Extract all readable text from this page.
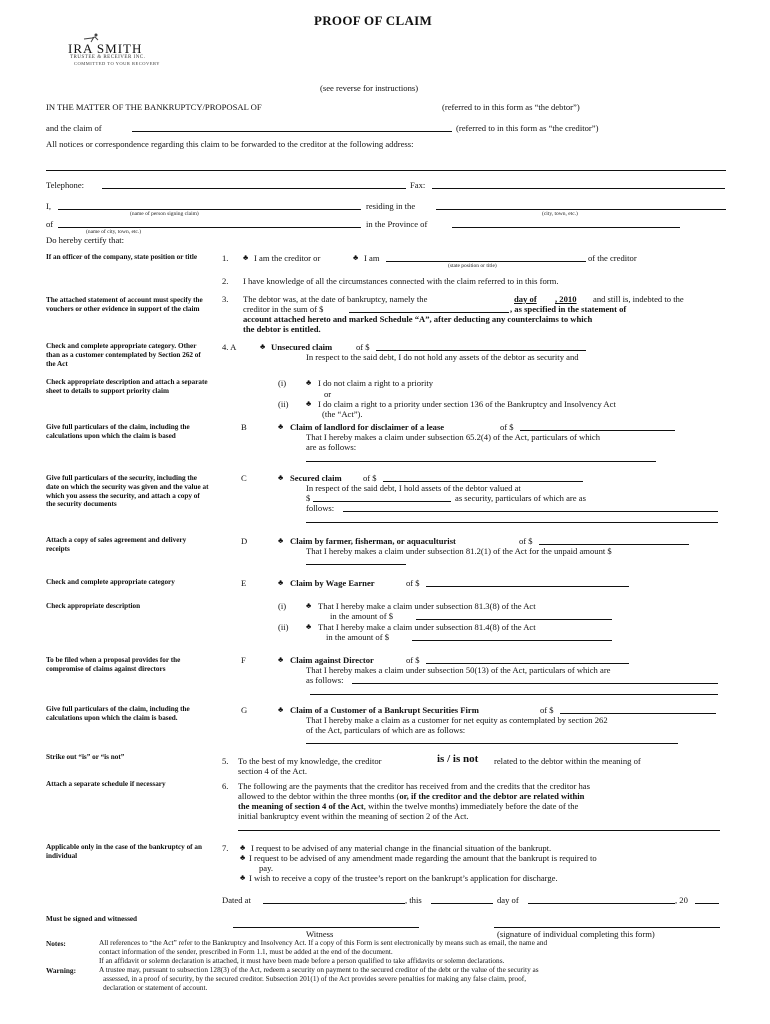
PROOF OF CLAIM
IRA SMITH
TRUSTEE & RECEIVER INC.
COMMITTED TO YOUR RECOVERY
(see reverse for instructions)
IN THE MATTER OF THE BANKRUPTCY/PROPOSAL OF	(referred to in this form as “the debtor”)
and the claim of	(referred to in this form as “the creditor”)
All notices or correspondence regarding this claim to be forwarded to the creditor at the following address:
Telephone:	Fax:
I,
(name of person signing claim)
residing in the
(city, town, etc.)
of
(name of city, town, etc.)
in the Province of
Do hereby certify that:
If an officer of the company, state position or title
The attached statement of account must specify the vouchers or other evidence in support of the claim
Check and complete appropriate category. Other than as a customer contemplated by Section 262 of the Act
Check appropriate description and attach a separate sheet to details to support priority claim
Give full particulars of the claim, including the calculations upon which the claim is based
Give full particulars of the security, including the date on which the security was given and the value at which you assess the security, and attach a copy of the security documents
Attach a copy of sales agreement and delivery receipts
Check and complete appropriate category
Check appropriate description
To be filed when a proposal provides for the compromise of claims against directors
Give full particulars of the claim, including the calculations upon which the claim is based.
Strike out “is” or “is not”
Attach a separate schedule if necessary
Applicable only in the case of the bankruptcy of an individual
Must be signed and witnessed
1. ♣ I am the creditor or	♣ I am	of the creditor
(state position or title)
2. I have knowledge of all the circumstances connected with the claim referred to in this form.
3. The debtor was, at the date of bankruptcy, namely the	day of , 2010 and still is, indebted to the
creditor in the sum of $	, as specified in the statement of
account attached hereto and marked Schedule “A”, after deducting any counterclaims to which
the debtor is entitled.
4. A	♣ Unsecured claim	of $
In respect to the said debt, I do not hold any assets of the debtor as security and
(i) ♣ I do not claim a right to a priority
or
(ii) ♣ I do claim a right to a priority under section 136 of the Bankruptcy and Insolvency Act
(the “Act”).
B	♣ Claim of landlord for disclaimer of a lease	of $
That I hereby makes a claim under subsection 65.2(4) of the Act, particulars of which
are as follows:
C	♣ Secured claim of $
In respect of the said debt, I hold assets of the debtor valued at
$	as security, particulars of which are as
follows:
D	♣ Claim by farmer, fisherman, or aquaculturist	of $
That I hereby makes a claim under subsection 81.2(1) of the Act for the unpaid amount $
E	♣ Claim by Wage Earner	of $
(i) ♣ That I hereby make a claim under subsection 81.3(8) of the Act
in the amount of $
(ii) ♣ That I hereby make a claim under subsection 81.4(8) of the Act
in the amount of $
F	♣ Claim against Director	of $
That I hereby makes a claim under subsection 50(13) of the Act, particulars of which are
as follows:
G	♣ Claim of a Customer of a Bankrupt Securities Firm	of $
That I hereby make a claim as a customer for net equity as contemplated by section 262
of the Act, particulars of which are as follows:
5. To the best of my knowledge, the creditor	is / is not related to the debtor within the meaning of
section 4 of the Act.
6. The following are the payments that the creditor has received from and the credits that the creditor has
allowed to the debtor within the three months (or, if the creditor and the debtor are related within
the meaning of section 4 of the Act, within the twelve months) immediately before the date of the
initial bankruptcy event within the meaning of section 2 of the Act.
7. ♣ I request to be advised of any material change in the financial situation of the bankrupt.
♣ I request to be advised of any amendment made regarding the amount that the bankrupt is required to
pay.
♣ I wish to receive a copy of the trustee’s report on the bankrupt’s application for discharge.
Dated at	, this	day of	, 20
Witness	(signature of individual completing this form)
Notes:	All references to “the Act” refer to the Bankruptcy and Insolvency Act. If a copy of this Form is sent electronically by means such as email, the name and
contact information of the sender, prescribed in Form 1.1, must be added at the end of the document.
If an affidavit or solemn declaration is attached, it must have been made before a person qualified to take affidavits or solemn declarations.
Warning:	A trustee may, pursuant to subsection 128(3) of the Act, redeem a security on payment to the secured creditor of the debt or the value of the security as
assessed, in a proof of security, by the secured creditor. Subsection 201(1) of the Act provides severe penalties for making any false claim, proof,
declaration or statement of account.
